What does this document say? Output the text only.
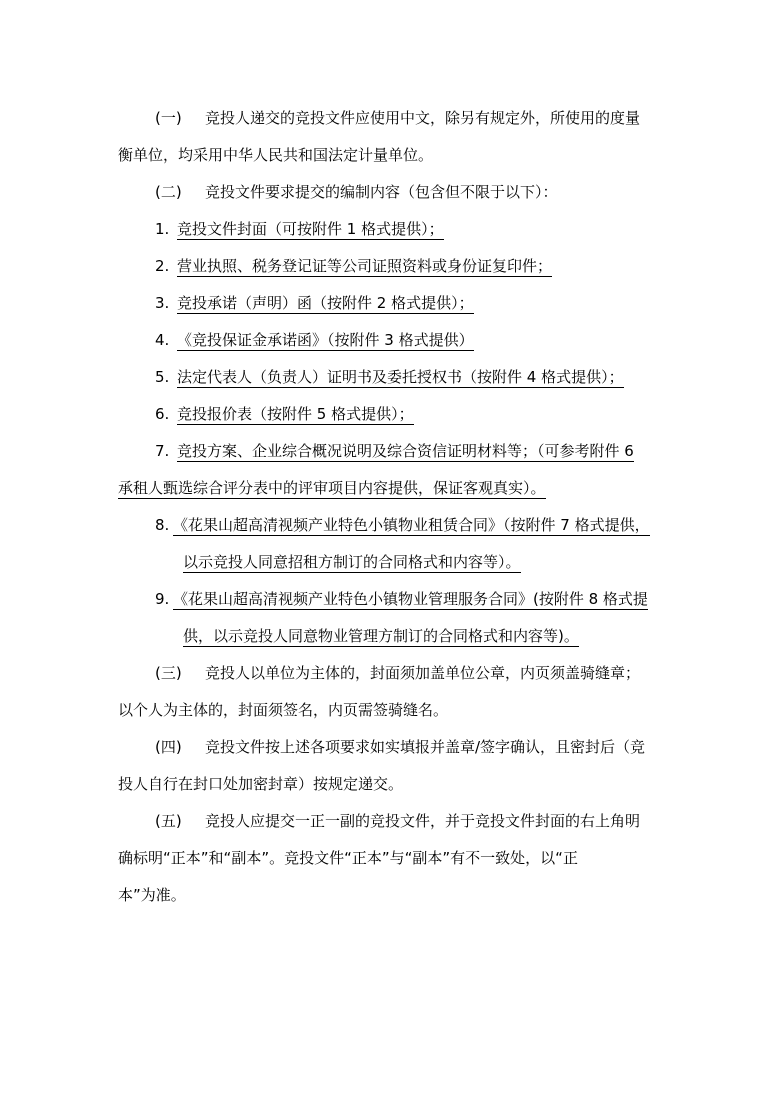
(一) 竞投人递交的竞投文件应使用中文，除另有规定外，所使用的度量
衡单位，均采用中华人民共和国法定计量单位。
(二) 竞投文件要求提交的编制内容（包含但不限于以下）：
1. 竞投文件封面（可按附件 1 格式提供）；
2. 营业执照、税务登记证等公司证照资料或身份证复印件；
3. 竞投承诺（声明）函（按附件 2 格式提供）；
4. 《竞投保证金承诺函》（按附件 3 格式提供）
5. 法定代表人（负责人）证明书及委托授权书（按附件 4 格式提供）；
6. 竞投报价表（按附件 5 格式提供）；
7. 竞投方案、企业综合概况说明及综合资信证明材料等；（可参考附件 6
承租人甄选综合评分表中的评审项目内容提供，保证客观真实）。
8. 《花果山超高清视频产业特色小镇物业租赁合同》（按附件 7 格式提供，
以示竞投人同意招租方制订的合同格式和内容等）。
9. 《花果山超高清视频产业特色小镇物业管理服务合同》(按附件 8 格式提
供，以示竞投人同意物业管理方制订的合同格式和内容等)。
(三) 竞投人以单位为主体的，封面须加盖单位公章，内页须盖骑缝章；
以个人为主体的，封面须签名，内页需签骑缝名。
(四) 竞投文件按上述各项要求如实填报并盖章/签字确认，且密封后（竞
投人自行在封口处加密封章）按规定递交。
(五) 竞投人应提交一正一副的竞投文件，并于竞投文件封面的右上角明
确标明“正本”和“副本”。竞投文件“正本”与“副本”有不一致处，以“正
本”为准。
